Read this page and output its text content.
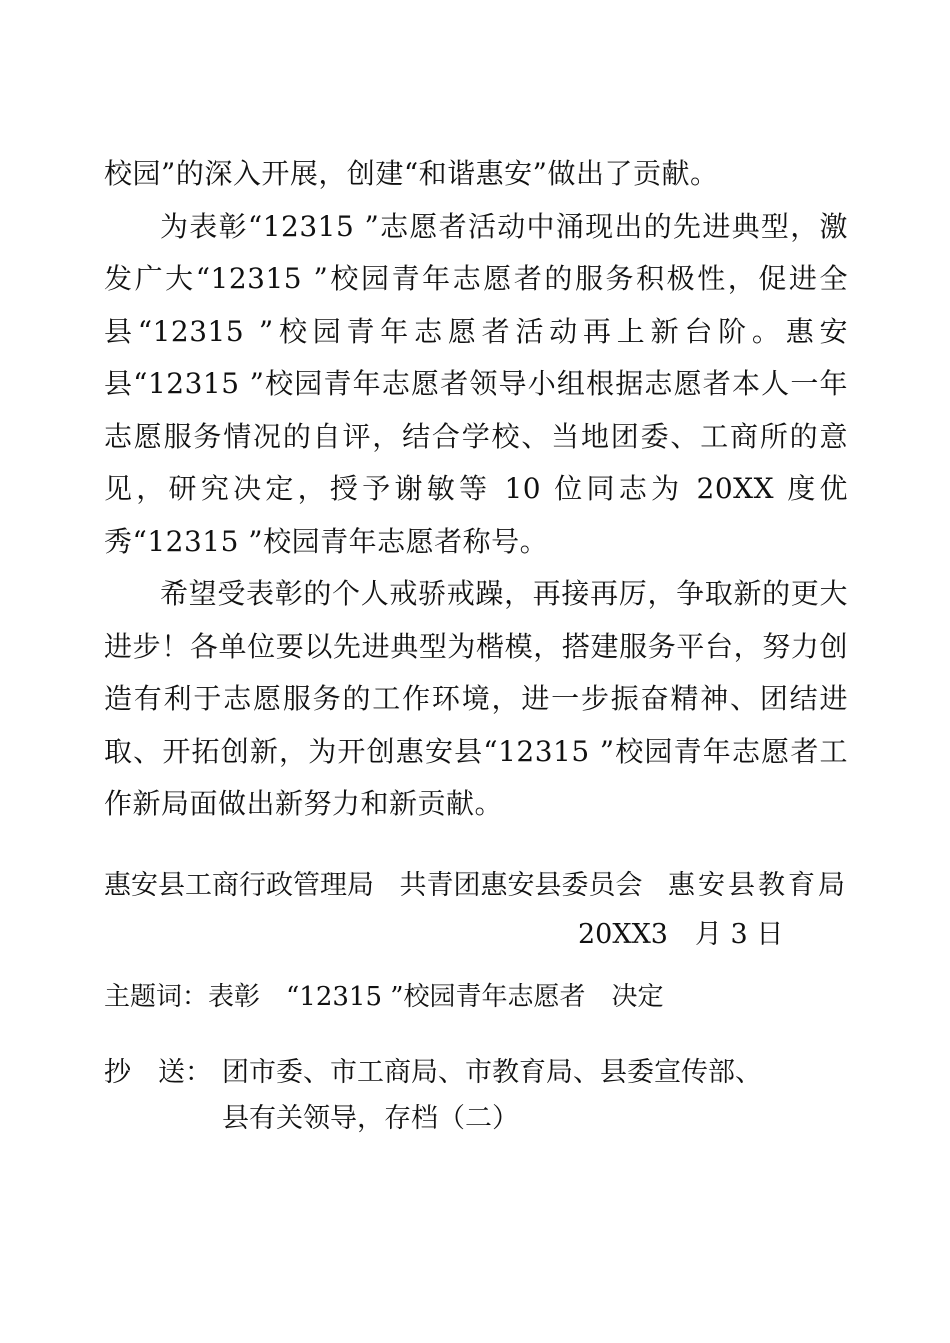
校园”的深入开展，创建“和谐惠安”做出了贡献。

为表彰“12315 ”志愿者活动中涌现出的先进典型，激发广大“12315 ”校园青年志愿者的服务积极性，促进全县“12315 ”校园青年志愿者活动再上新台阶。惠安县“12315 ”校园青年志愿者领导小组根据志愿者本人一年志愿服务情况的自评，结合学校、当地团委、工商所的意见，研究决定，授予谢敏等 10 位同志为 20XX 度优秀“12315 ”校园青年志愿者称号。

希望受表彰的个人戒骄戒躁，再接再厉，争取新的更大进步！各单位要以先进典型为楷模，搭建服务平台，努力创造有利于志愿服务的工作环境，进一步振奋精神、团结进取、开拓创新，为开创惠安县“12315 ”校园青年志愿者工作新局面做出新努力和新贡献。

惠安县工商行政管理局 共青团惠安县委员会 惠安县教育局
20XX3　月 3 日
主题词：表彰　“12315 ”校园青年志愿者　决定
抄　送： 团市委、市工商局、市教育局、县委宣传部、
县有关领导，存档（二）
